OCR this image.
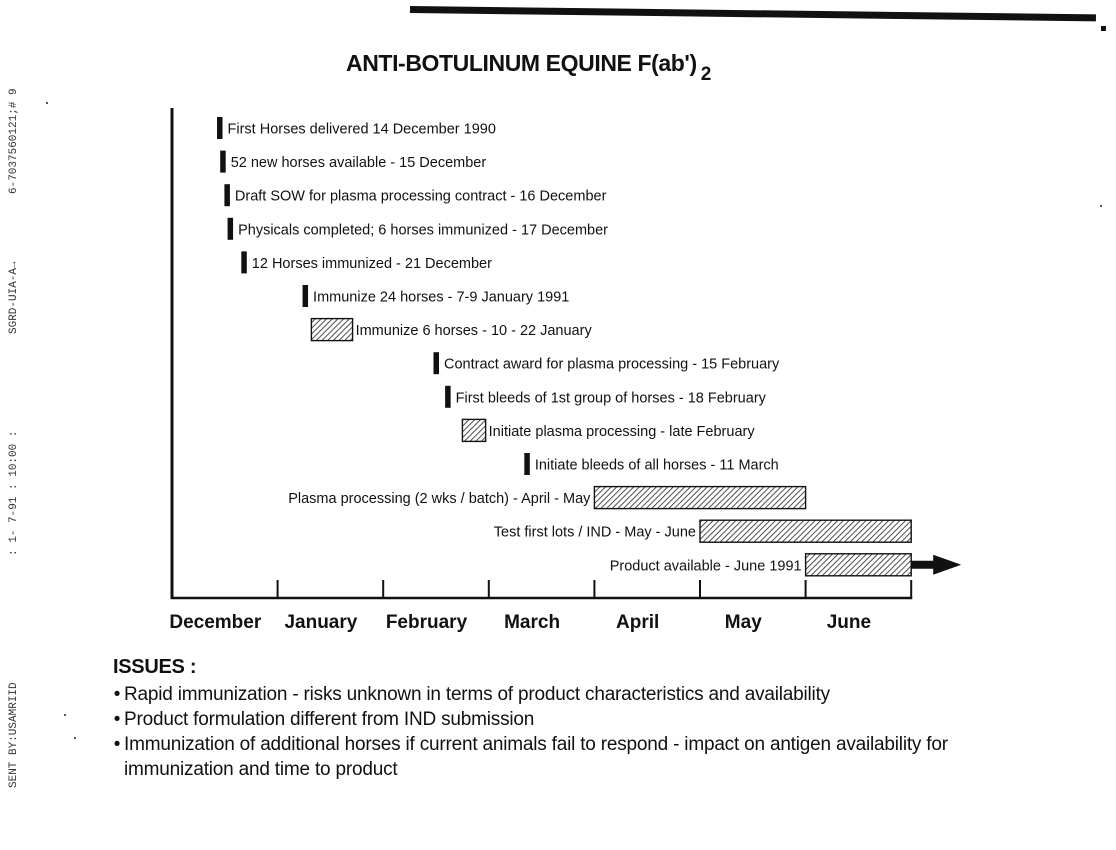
6-7037560121;# 9
SGRD-UIA-A→
: 1- 7-91 : 10:00 :
SENT BY:USAMRIID
ANTI-BOTULINUM EQUINE F(ab') $_2$
December January February March	April	May	June
First Horses delivered 14 December 1990
52 new horses available - 15 December
Draft SOW for plasma processing contract - 16 December
Physicals completed; 6 horses immunized - 17 December
12 Horses immunized - 21 December
Immunize 24 horses - 7-9 January 1991
Immunize 6 horses - 10 - 22 January
Contract award for plasma processing - 15 February
First bleeds of 1st group of horses - 18 February
Initiate plasma processing - late February
Initiate bleeds of all horses - 11 March
Plasma processing (2 wks / batch) - April - May
Test first lots / IND - May - June
Product available - June 1991
ISSUES :
• Rapid immunization - risks unknown in terms of product characteristics and availability
• Product formulation different from IND submission
• Immunization of additional horses if current animals fail to respond - impact on antigen availability for immunization and time to product
